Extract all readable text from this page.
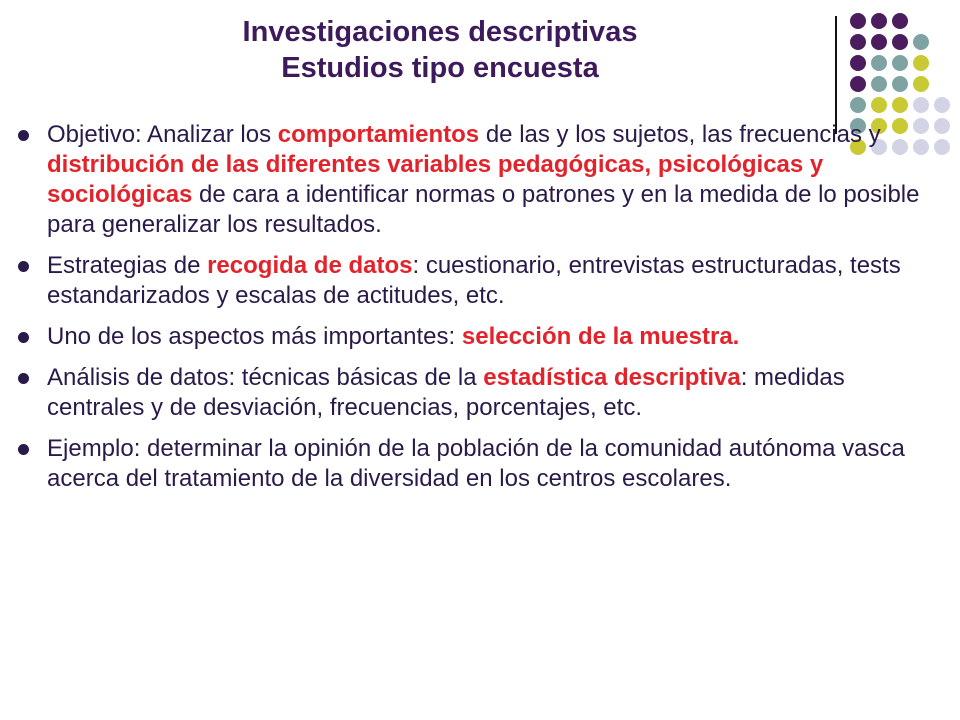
Investigaciones descriptivas
Estudios tipo encuesta
Objetivo: Analizar los comportamientos de las y los sujetos, las frecuencias y distribución de las diferentes variables pedagógicas, psicológicas y sociológicas de cara a identificar normas o patrones y en la medida de lo posible para generalizar los resultados.
Estrategias de recogida de datos: cuestionario, entrevistas estructuradas, tests estandarizados y escalas de actitudes, etc.
Uno de los aspectos más importantes: selección de la muestra.
Análisis de datos: técnicas básicas de la estadística descriptiva: medidas centrales y de desviación, frecuencias, porcentajes, etc.
Ejemplo: determinar la opinión de la población de la comunidad autónoma vasca acerca del tratamiento de la diversidad en los centros escolares.
